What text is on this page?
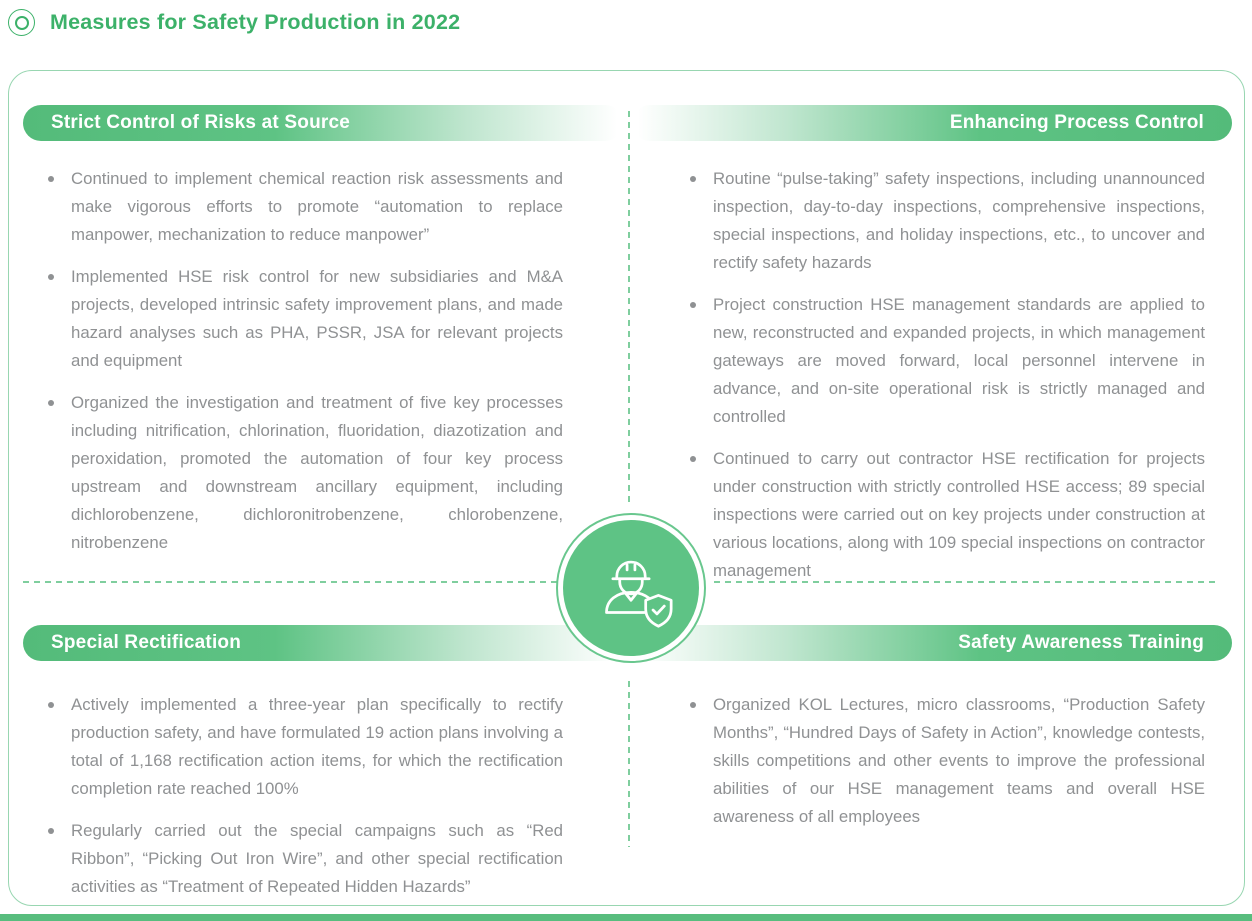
Measures for Safety Production in 2022
Strict Control of Risks at Source	Enhancing Process Control
Special Rectification	Safety Awareness Training
Continued to implement chemical reaction risk assessments and make vigorous efforts to promote “automation to replace manpower, mechanization to reduce manpower”
Implemented HSE risk control for new subsidiaries and M&A projects, developed intrinsic safety improvement plans, and made hazard analyses such as PHA, PSSR, JSA for relevant projects and equipment
Organized the investigation and treatment of five key processes including nitrification, chlorination, fluoridation, diazotization and peroxidation, promoted the automation of four key process upstream and downstream ancillary equipment, including dichlorobenzene, dichloronitrobenzene, chlorobenzene, nitrobenzene
Routine “pulse-taking” safety inspections, including unannounced inspection, day-to-day inspections, comprehensive inspections, special inspections, and holiday inspections, etc., to uncover and rectify safety hazards
Project construction HSE management standards are applied to new, reconstructed and expanded projects, in which management gateways are moved forward, local personnel intervene in advance, and on-site operational risk is strictly managed and controlled
Continued to carry out contractor HSE rectification for projects under construction with strictly controlled HSE access; 89 special inspections were carried out on key projects under construction at various locations, along with 109 special inspections on contractor management
Actively implemented a three-year plan specifically to rectify production safety, and have formulated 19 action plans involving a total of 1,168 rectification action items, for which the rectification completion rate reached 100%
Regularly carried out the special campaigns such as “Red Ribbon”, “Picking Out Iron Wire”, and other special rectification activities as “Treatment of Repeated Hidden Hazards”
Organized KOL Lectures, micro classrooms, “Production Safety Months”, “Hundred Days of Safety in Action”, knowledge contests, skills competitions and other events to improve the professional abilities of our HSE management teams and overall HSE awareness of all employees
